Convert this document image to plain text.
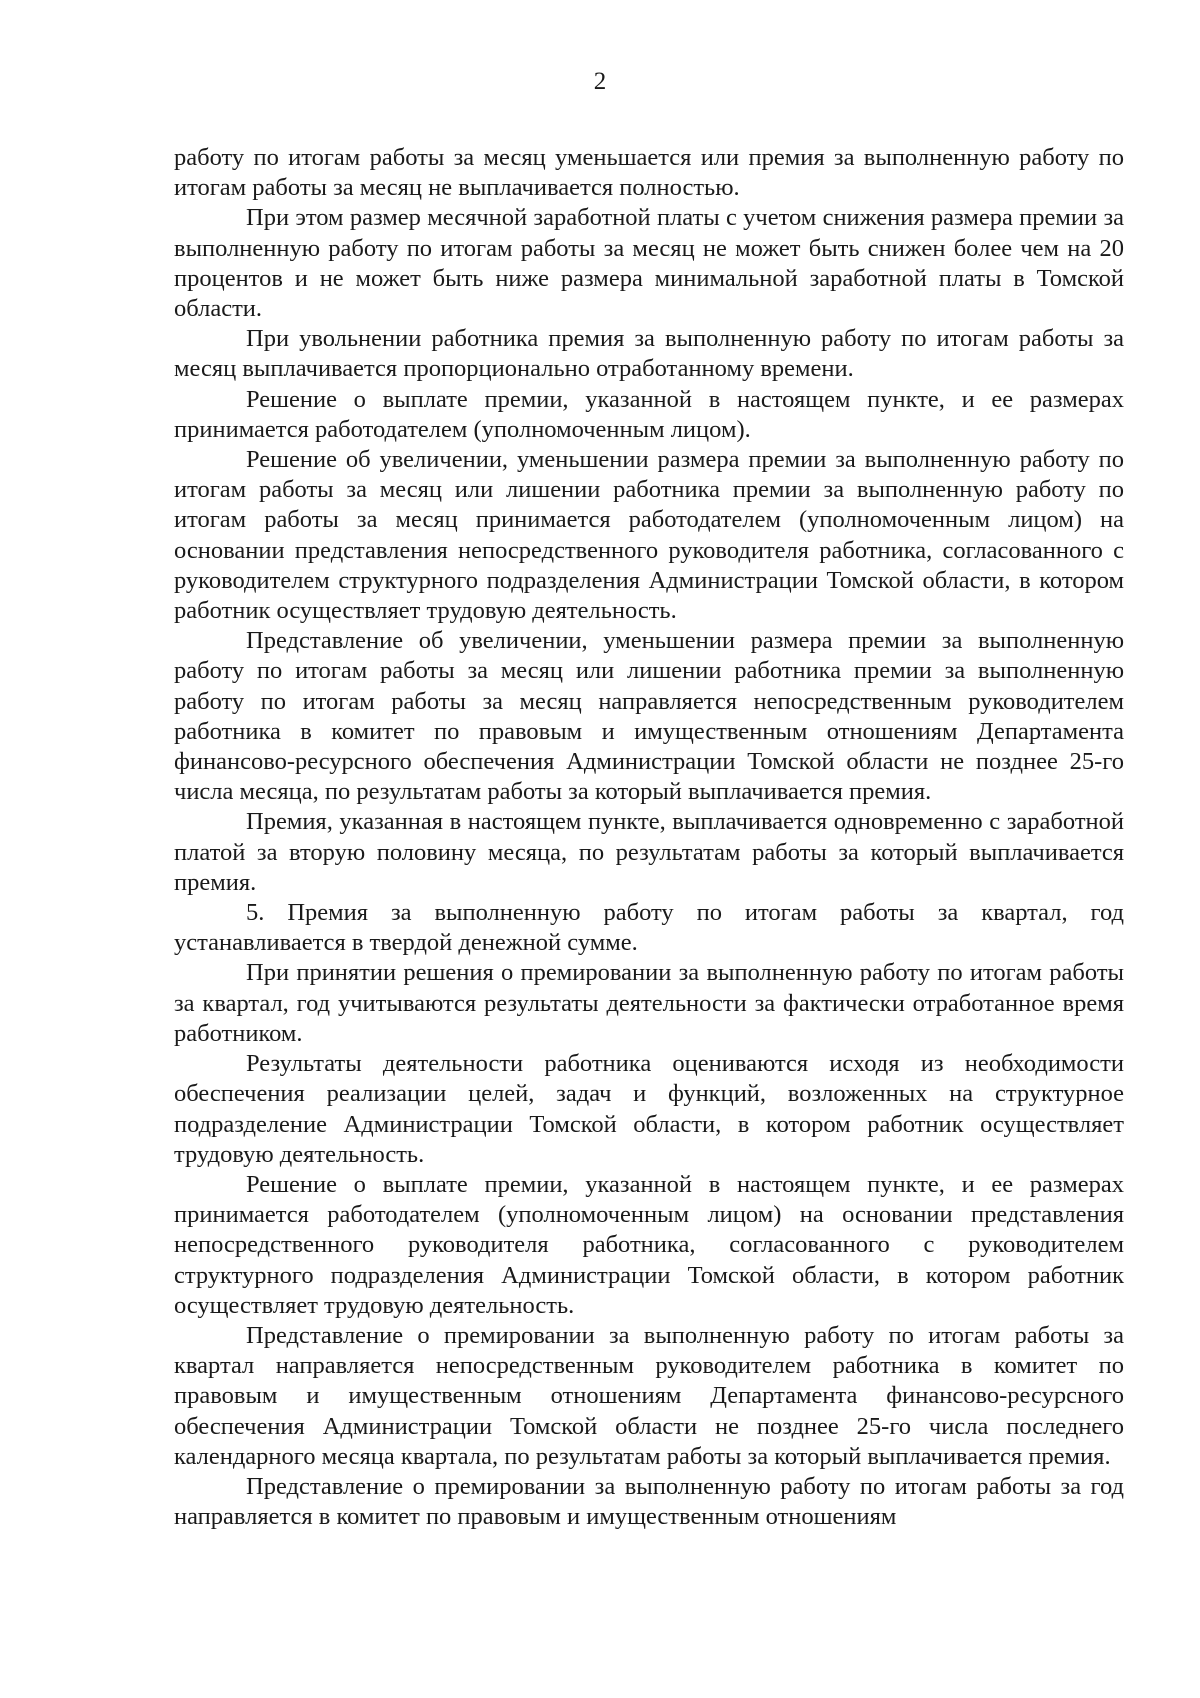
2

работу по итогам работы за месяц уменьшается или премия за выполненную работу по итогам работы за месяц не выплачивается полностью.

При этом размер месячной заработной платы с учетом снижения размера премии за выполненную работу по итогам работы за месяц не может быть снижен более чем на 20 процентов и не может быть ниже размера минимальной заработной платы в Томской области.

При увольнении работника премия за выполненную работу по итогам работы за месяц выплачивается пропорционально отработанному времени.

Решение о выплате премии, указанной в настоящем пункте, и ее размерах принимается работодателем (уполномоченным лицом).

Решение об увеличении, уменьшении размера премии за выполненную работу по итогам работы за месяц или лишении работника премии за выполненную работу по итогам работы за месяц принимается работодателем (уполномоченным лицом) на основании представления непосредственного руководителя работника, согласованного с руководителем структурного подразделения Администрации Томской области, в котором работник осуществляет трудовую деятельность.

Представление об увеличении, уменьшении размера премии за выполненную работу по итогам работы за месяц или лишении работника премии за выполненную работу по итогам работы за месяц направляется непосредственным руководителем работника в комитет по правовым и имущественным отношениям Департамента финансово-ресурсного обеспечения Администрации Томской области не позднее 25-го числа месяца, по результатам работы за который выплачивается премия.

Премия, указанная в настоящем пункте, выплачивается одновременно с заработной платой за вторую половину месяца, по результатам работы за который выплачивается премия.

5. Премия за выполненную работу по итогам работы за квартал, год устанавливается в твердой денежной сумме.

При принятии решения о премировании за выполненную работу по итогам работы за квартал, год учитываются результаты деятельности за фактически отработанное время работником.

Результаты деятельности работника оцениваются исходя из необходимости обеспечения реализации целей, задач и функций, возложенных на структурное подразделение Администрации Томской области, в котором работник осуществляет трудовую деятельность.

Решение о выплате премии, указанной в настоящем пункте, и ее размерах принимается работодателем (уполномоченным лицом) на основании представления непосредственного руководителя работника, согласованного с руководителем структурного подразделения Администрации Томской области, в котором работник осуществляет трудовую деятельность.

Представление о премировании за выполненную работу по итогам работы за квартал направляется непосредственным руководителем работника в комитет по правовым и имущественным отношениям Департамента финансово-ресурсного обеспечения Администрации Томской области не позднее 25-го числа последнего календарного месяца квартала, по результатам работы за который выплачивается премия.

Представление о премировании за выполненную работу по итогам работы за год направляется в комитет по правовым и имущественным отношениям
